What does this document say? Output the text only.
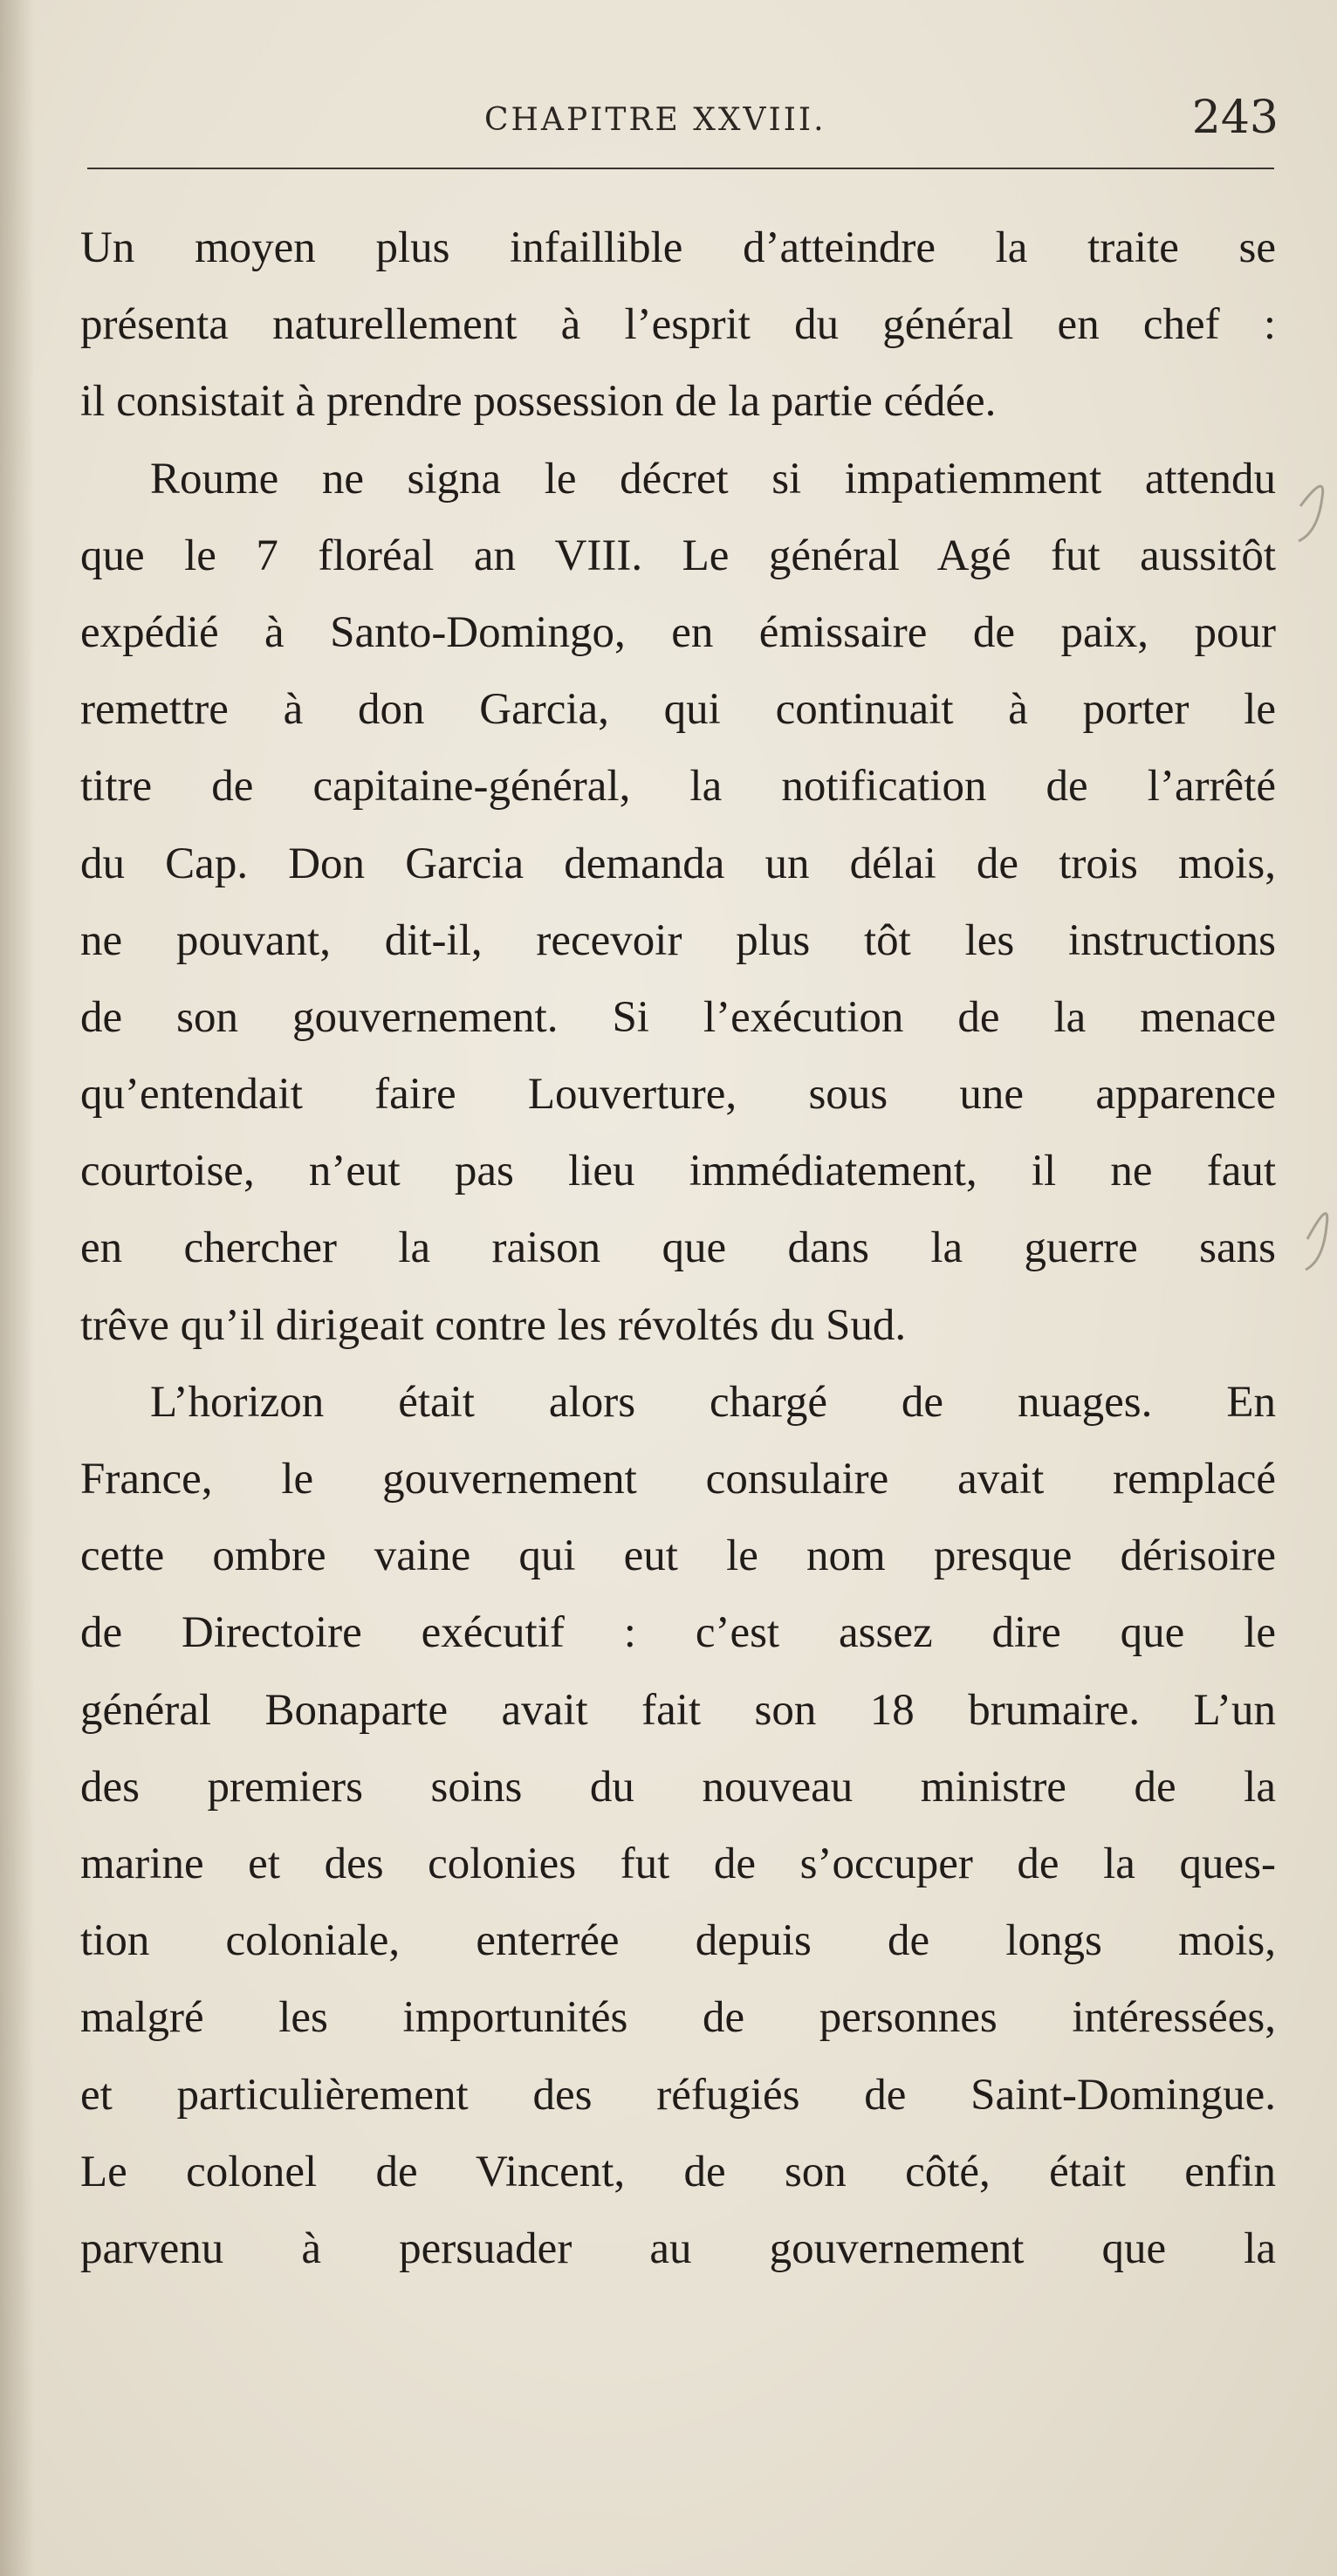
CHAPITRE XXVIII.	243
Un moyen plus infaillible d’atteindre la traite se
présenta naturellement à l’esprit du général en chef :
il consistait à prendre possession de la partie cédée.
Roume ne signa le décret si impatiemment attendu
que le 7 floréal an VIII. Le général Agé fut aussitôt
expédié à Santo-Domingo, en émissaire de paix, pour
remettre à don Garcia, qui continuait à porter le
titre de capitaine-général, la notification de l’arrêté
du Cap. Don Garcia demanda un délai de trois mois,
ne pouvant, dit-il, recevoir plus tôt les instructions
de son gouvernement. Si l’exécution de la menace
qu’entendait faire Louverture, sous une apparence
courtoise, n’eut pas lieu immédiatement, il ne faut
en chercher la raison que dans la guerre sans
trêve qu’il dirigeait contre les révoltés du Sud.
L’horizon était alors chargé de nuages. En
France, le gouvernement consulaire avait remplacé
cette ombre vaine qui eut le nom presque dérisoire
de Directoire exécutif : c’est assez dire que le
général Bonaparte avait fait son 18 brumaire. L’un
des premiers soins du nouveau ministre de la
marine et des colonies fut de s’occuper de la ques-
tion coloniale, enterrée depuis de longs mois,
malgré les importunités de personnes intéressées,
et particulièrement des réfugiés de Saint-Domingue.
Le colonel de Vincent, de son côté, était enfin
parvenu à persuader au gouvernement que la
